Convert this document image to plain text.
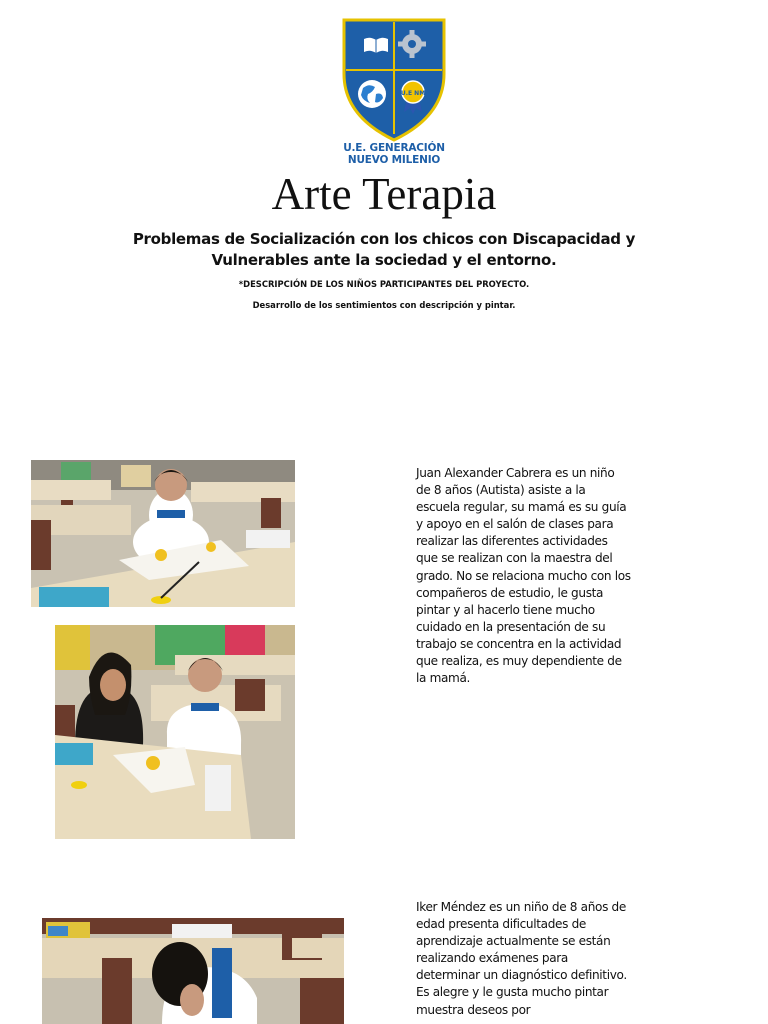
U.E NM
U.E. GENERACIÓN
NUEVO MILENIO
Arte Terapia
Problemas de Socialización con los chicos con Discapacidad y Vulnerables ante la sociedad y el entorno.
*DESCRIPCIÓN DE LOS NIÑOS PARTICIPANTES DEL PROYECTO.
Desarrollo de los sentimientos con descripción y pintar.
Juan Alexander Cabrera es un niño de 8 años (Autista) asiste a la escuela regular, su mamá es su guía y apoyo en el salón de clases para realizar las diferentes actividades que se realizan con la maestra del grado. No se relaciona mucho con los compañeros de estudio, le gusta pintar y al hacerlo tiene mucho cuidado en la presentación de su trabajo se concentra en la actividad que realiza, es muy dependiente de la mamá.
Iker Méndez es un niño de 8 años de edad presenta dificultades de aprendizaje actualmente se están realizando exámenes para determinar un diagnóstico definitivo. Es alegre y le gusta mucho pintar muestra deseos por
